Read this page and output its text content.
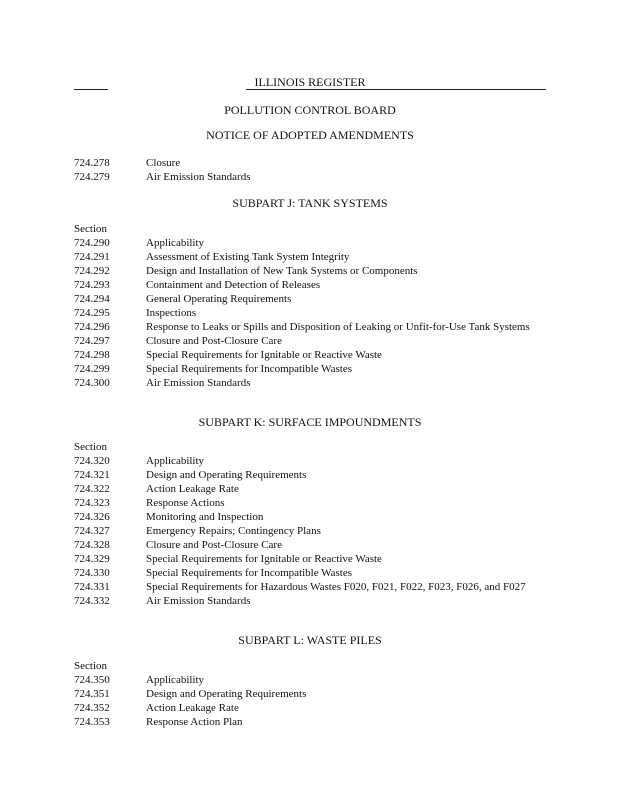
ILLINOIS REGISTER
POLLUTION CONTROL BOARD
NOTICE OF ADOPTED AMENDMENTS
724.278	Closure
724.279	Air Emission Standards
SUBPART J: TANK SYSTEMS
Section
724.290	Applicability
724.291	Assessment of Existing Tank System Integrity
724.292	Design and Installation of New Tank Systems or Components
724.293	Containment and Detection of Releases
724.294	General Operating Requirements
724.295	Inspections
724.296	Response to Leaks or Spills and Disposition of Leaking or Unfit-for-Use Tank Systems
724.297	Closure and Post-Closure Care
724.298	Special Requirements for Ignitable or Reactive Waste
724.299	Special Requirements for Incompatible Wastes
724.300	Air Emission Standards
SUBPART K: SURFACE IMPOUNDMENTS
Section
724.320	Applicability
724.321	Design and Operating Requirements
724.322	Action Leakage Rate
724.323	Response Actions
724.326	Monitoring and Inspection
724.327	Emergency Repairs; Contingency Plans
724.328	Closure and Post-Closure Care
724.329	Special Requirements for Ignitable or Reactive Waste
724.330	Special Requirements for Incompatible Wastes
724.331	Special Requirements for Hazardous Wastes F020, F021, F022, F023, F026, and F027
724.332	Air Emission Standards
SUBPART L: WASTE PILES
Section
724.350	Applicability
724.351	Design and Operating Requirements
724.352	Action Leakage Rate
724.353	Response Action Plan
